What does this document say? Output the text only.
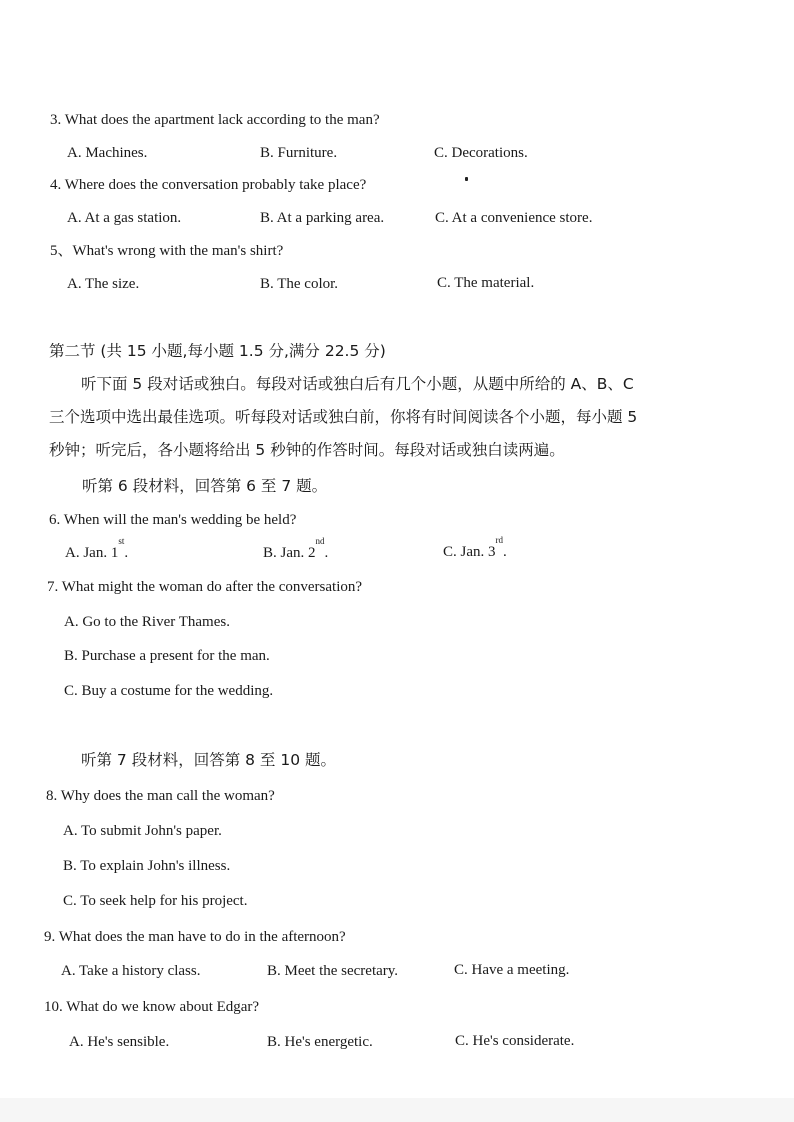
3. What does the apartment lack according to the man?
A. Machines.	B. Furniture.	C. Decorations.
4. Where does the conversation probably take place?
A. At a gas station.	B. At a parking area.	C. At a convenience store.
5、What's wrong with the man's shirt?
A. The size.	B. The color.	C. The material.
第二节 (共 15 小题,每小题 1.5 分,满分 22.5 分)
听下面 5 段对话或独白。每段对话或独白后有几个小题，从题中所给的 A、B、C
三个选项中选出最佳选项。听每段对话或独白前，你将有时间阅读各个小题，每小题 5
秒钟；听完后，各小题将给出 5 秒钟的作答时间。每段对话或独白读两遍。
听第 6 段材料，回答第 6 至 7 题。
6. When will the man's wedding be held?
A. Jan. 1st.	B. Jan. 2nd.	C. Jan. 3rd.
7. What might the woman do after the conversation?
A. Go to the River Thames.
B. Purchase a present for the man.
C. Buy a costume for the wedding.
听第 7 段材料，回答第 8 至 10 题。
8. Why does the man call the woman?
A. To submit John's paper.
B. To explain John's illness.
C. To seek help for his project.
9. What does the man have to do in the afternoon?
A. Take a history class.	B. Meet the secretary.	C. Have a meeting.
10. What do we know about Edgar?
A. He's sensible.	B. He's energetic.	C. He's considerate.
